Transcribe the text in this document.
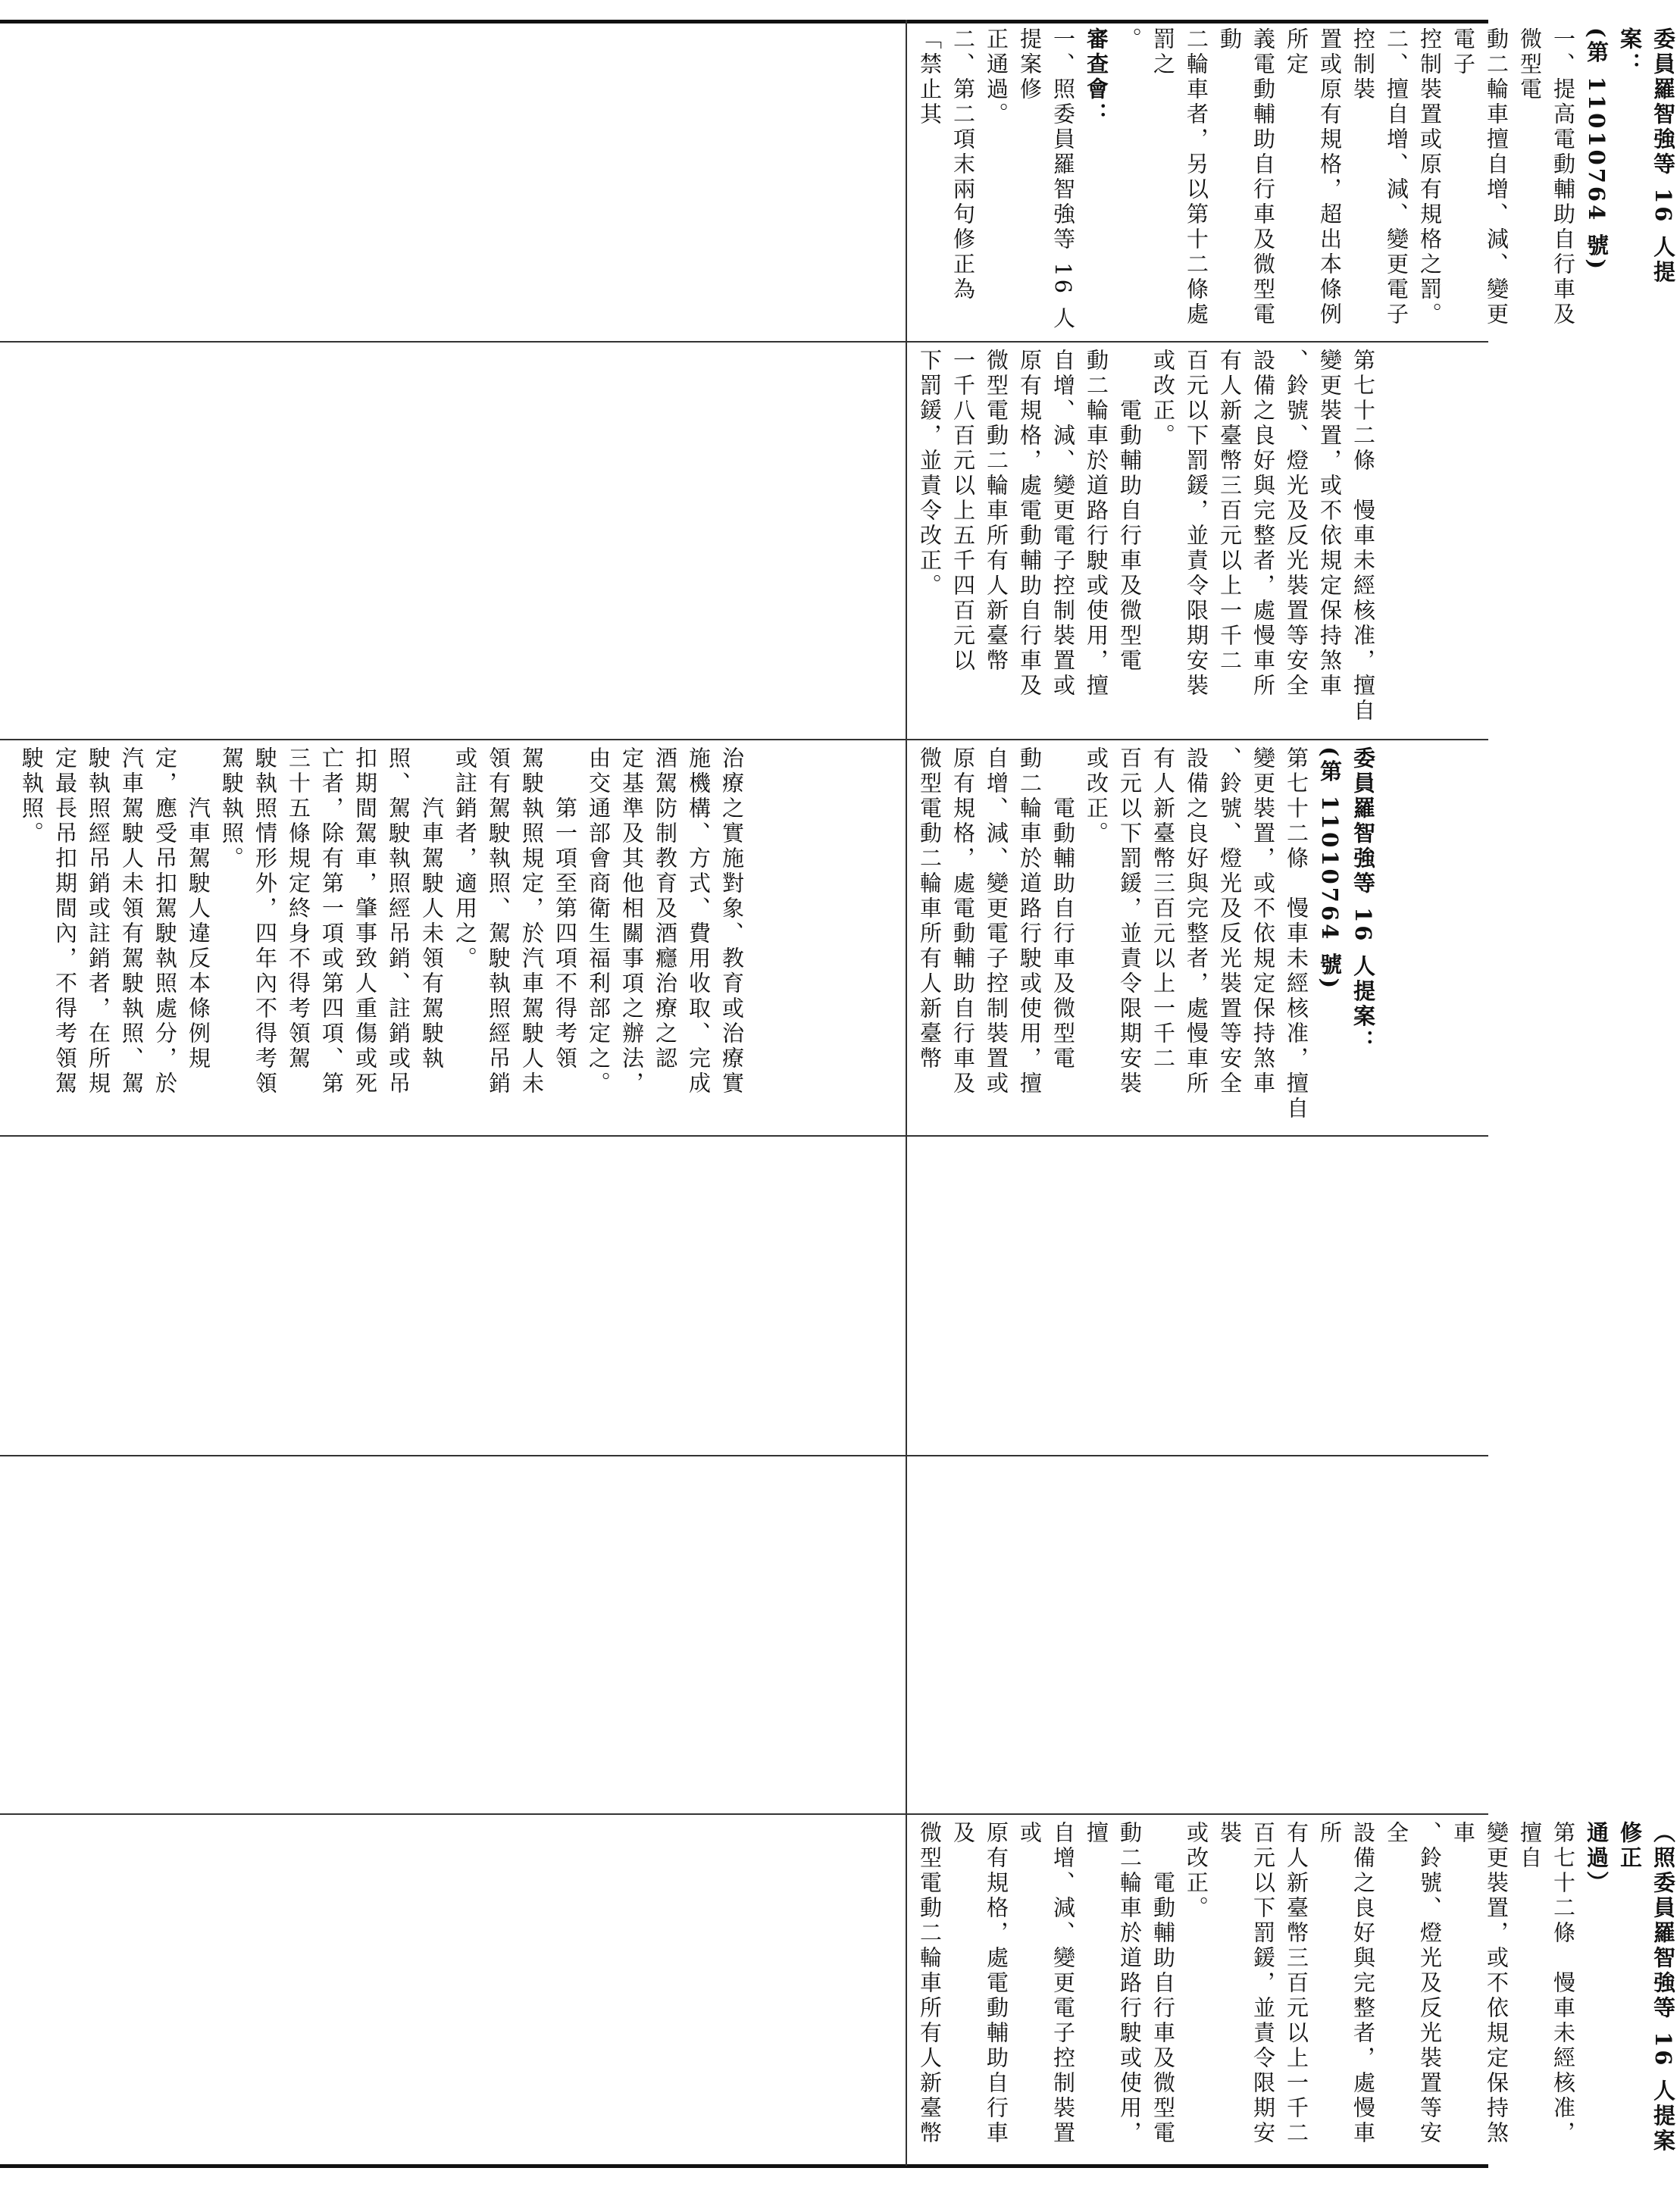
委員羅智強等 16 人提案：

(第 11010764 號)

一、提高電動輔助自行車及微型電

動二輪車擅自增、減、變更電子

控制裝置或原有規格之罰。

二、擅自增、減、變更電子控制裝

置或原有規格，超出本條例所定

義電動輔助自行車及微型電動

二輪車者，另以第十二條處罰之

。

審查會：

一、照委員羅智強等 16 人提案修

正通過。

二、第二項末兩句修正為「禁止其

第七十二條　慢車未經核准，擅自

變更裝置，或不依規定保持煞車

、鈴號、燈光及反光裝置等安全

設備之良好與完整者，處慢車所

有人新臺幣三百元以上一千二

百元以下罰鍰，並責令限期安裝

或改正。

　　電動輔助自行車及微型電

動二輪車於道路行駛或使用，擅

自增、減、變更電子控制裝置或

原有規格，處電動輔助自行車及

微型電動二輪車所有人新臺幣

一千八百元以上五千四百元以

下罰鍰，並責令改正。

委員羅智強等 16 人提案：

(第 11010764 號)

第七十二條　慢車未經核准，擅自

變更裝置，或不依規定保持煞車

、鈴號、燈光及反光裝置等安全

設備之良好與完整者，處慢車所

有人新臺幣三百元以上一千二

百元以下罰鍰，並責令限期安裝

或改正。

　　電動輔助自行車及微型電

動二輪車於道路行駛或使用，擅

自增、減、變更電子控制裝置或

原有規格，處電動輔助自行車及

微型電動二輪車所有人新臺幣

治療之實施對象、教育或治療實

施機構、方式、費用收取、完成

酒駕防制教育及酒癮治療之認

定基準及其他相關事項之辦法，

由交通部會商衛生福利部定之。

　　第一項至第四項不得考領

駕駛執照規定，於汽車駕駛人未

領有駕駛執照、駕駛執照經吊銷

或註銷者，適用之。

　　汽車駕駛人未領有駕駛執

照、駕駛執照經吊銷、註銷或吊

扣期間駕車，肇事致人重傷或死

亡者，除有第一項或第四項、第

三十五條規定終身不得考領駕

駛執照情形外，四年內不得考領

駕駛執照。

　　汽車駕駛人違反本條例規

定，應受吊扣駕駛執照處分，於

汽車駕駛人未領有駕駛執照、駕

駛執照經吊銷或註銷者，在所規

定最長吊扣期間內，不得考領駕

駛執照。

（照委員羅智強等 16 人提案修正

通過）

第七十二條　慢車未經核准，擅自

變更裝置，或不依規定保持煞車

、鈴號、燈光及反光裝置等安全

設備之良好與完整者，處慢車所

有人新臺幣三百元以上一千二

百元以下罰鍰，並責令限期安裝

或改正。

　　電動輔助自行車及微型電

動二輪車於道路行駛或使用，擅

自增、減、變更電子控制裝置或

原有規格，處電動輔助自行車及

微型電動二輪車所有人新臺幣
